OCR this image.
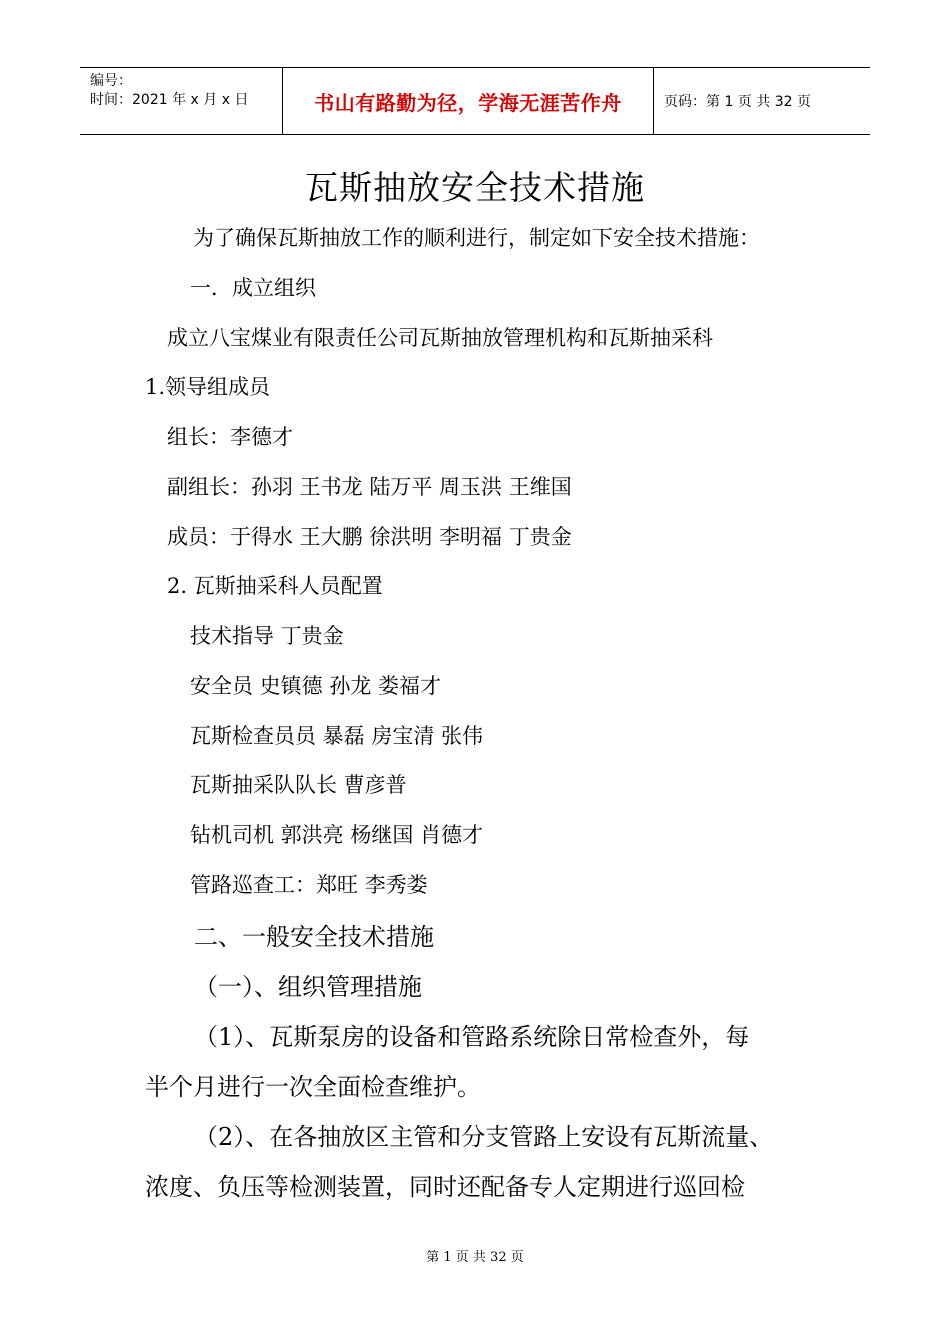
编号：
时间：2021 年 x 月 x 日	书山有路勤为径，学海无涯苦作舟	页码：第 1 页 共 32 页
瓦斯抽放安全技术措施
为了确保瓦斯抽放工作的顺利进行，制定如下安全技术措施：
一．成立组织
成立八宝煤业有限责任公司瓦斯抽放管理机构和瓦斯抽采科
1.领导组成员
组长：李德才
副组长：孙羽 王书龙 陆万平 周玉洪 王维国
成员：于得水 王大鹏 徐洪明 李明福 丁贵金
2. 瓦斯抽采科人员配置
技术指导 丁贵金
安全员 史镇德 孙龙 娄福才
瓦斯检查员员 暴磊 房宝清 张伟
瓦斯抽采队队长 曹彦普
钻机司机 郭洪亮 杨继国 肖德才
管路巡查工：郑旺 李秀娄
二、一般安全技术措施
（一）、组织管理措施
（1）、瓦斯泵房的设备和管路系统除日常检查外，每
半个月进行一次全面检查维护。
（2）、在各抽放区主管和分支管路上安设有瓦斯流量、
浓度、负压等检测装置，同时还配备专人定期进行巡回检
第 1 页 共 32 页
